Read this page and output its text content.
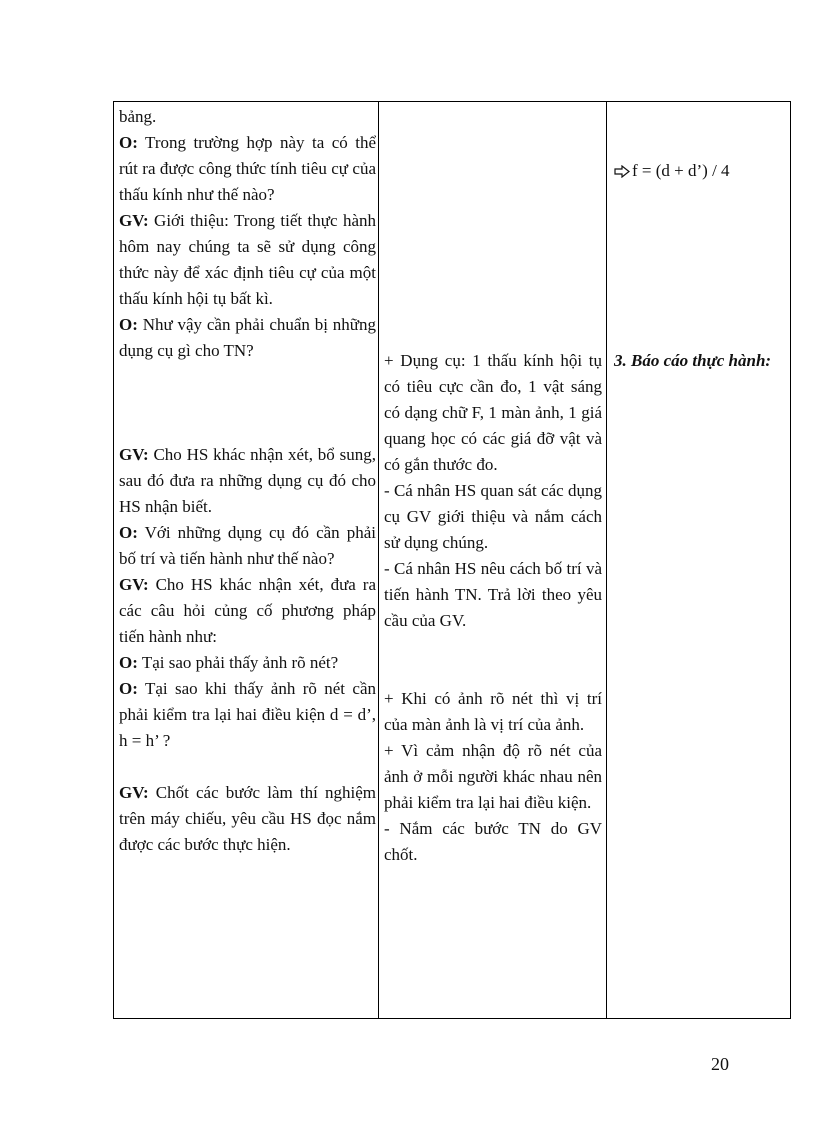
bảng.

O: Trong trường hợp này ta có thể rút ra được công thức tính tiêu cự của thấu kính như thế nào?

GV: Giới thiệu: Trong tiết thực hành hôm nay chúng ta sẽ sử dụng công thức này để xác định tiêu cự của một thấu kính hội tụ bất kì.

O: Như vậy cần phải chuẩn bị những dụng cụ gì cho TN?

GV: Cho HS khác nhận xét, bổ sung, sau đó đưa ra những dụng cụ đó cho HS nhận biết.

O: Với những dụng cụ đó cần phải bố trí và tiến hành như thế nào?

GV: Cho HS khác nhận xét, đưa ra các câu hỏi củng cố phương pháp tiến hành như:

O: Tại sao phải thấy ảnh rõ nét?

O: Tại sao khi thấy ảnh rõ nét cần phải kiểm tra lại hai điều kiện d = d’, h = h’ ?

GV: Chốt các bước làm thí nghiệm trên máy chiếu, yêu cầu HS đọc nắm được các bước thực hiện.

+ Dụng cụ: 1 thấu kính hội tụ có tiêu cực cần đo, 1 vật sáng có dạng chữ F, 1 màn ảnh, 1 giá quang học có các giá đỡ vật và có gắn thước đo.

- Cá nhân HS quan sát các dụng cụ GV giới thiệu và nắm cách sử dụng chúng.

- Cá nhân HS nêu cách bố trí và tiến hành TN. Trả lời theo yêu cầu của GV.

+ Khi có ảnh rõ nét thì vị trí của màn ảnh là vị trí của ảnh.

+ Vì cảm nhận độ rõ nét của ảnh ở mỗi người khác nhau nên phải kiểm tra lại hai điều kiện.

- Nắm các bước TN do GV chốt.

f = (d + d’) / 4

3. Báo cáo thực hành:

20
